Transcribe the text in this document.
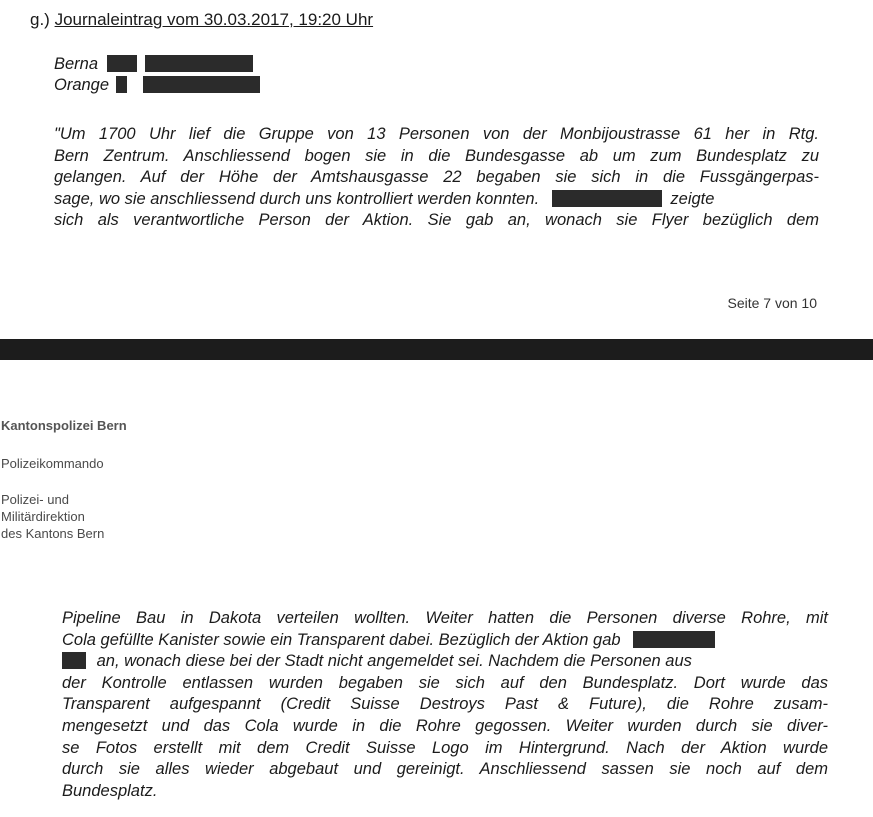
g.) Journaleintrag vom 30.03.2017, 19:20 Uhr
Berna
Orange
"Um 1700 Uhr lief die Gruppe von 13 Personen von der Monbijoustrasse 61 her in Rtg.
Bern Zentrum. Anschliessend bogen sie in die Bundesgasse ab um zum Bundesplatz zu
gelangen. Auf der Höhe der Amtshausgasse 22 begaben sie sich in die Fussgängerpas-
sage, wo sie anschliessend durch uns kontrolliert werden konnten.	zeigte
sich als verantwortliche Person der Aktion. Sie gab an, wonach sie Flyer bezüglich dem
Seite 7 von 10
Kantonspolizei Bern
Polizeikommando
Polizei- und
Militärdirektion
des Kantons Bern
Pipeline Bau in Dakota verteilen wollten. Weiter hatten die Personen diverse Rohre, mit
Cola gefüllte Kanister sowie ein Transparent dabei. Bezüglich der Aktion gab
an, wonach diese bei der Stadt nicht angemeldet sei. Nachdem die Personen aus
der Kontrolle entlassen wurden begaben sie sich auf den Bundesplatz. Dort wurde das
Transparent aufgespannt (Credit Suisse Destroys Past & Future), die Rohre zusam-
mengesetzt und das Cola wurde in die Rohre gegossen. Weiter wurden durch sie diver-
se Fotos erstellt mit dem Credit Suisse Logo im Hintergrund. Nach der Aktion wurde
durch sie alles wieder abgebaut und gereinigt. Anschliessend sassen sie noch auf dem
Bundesplatz.
